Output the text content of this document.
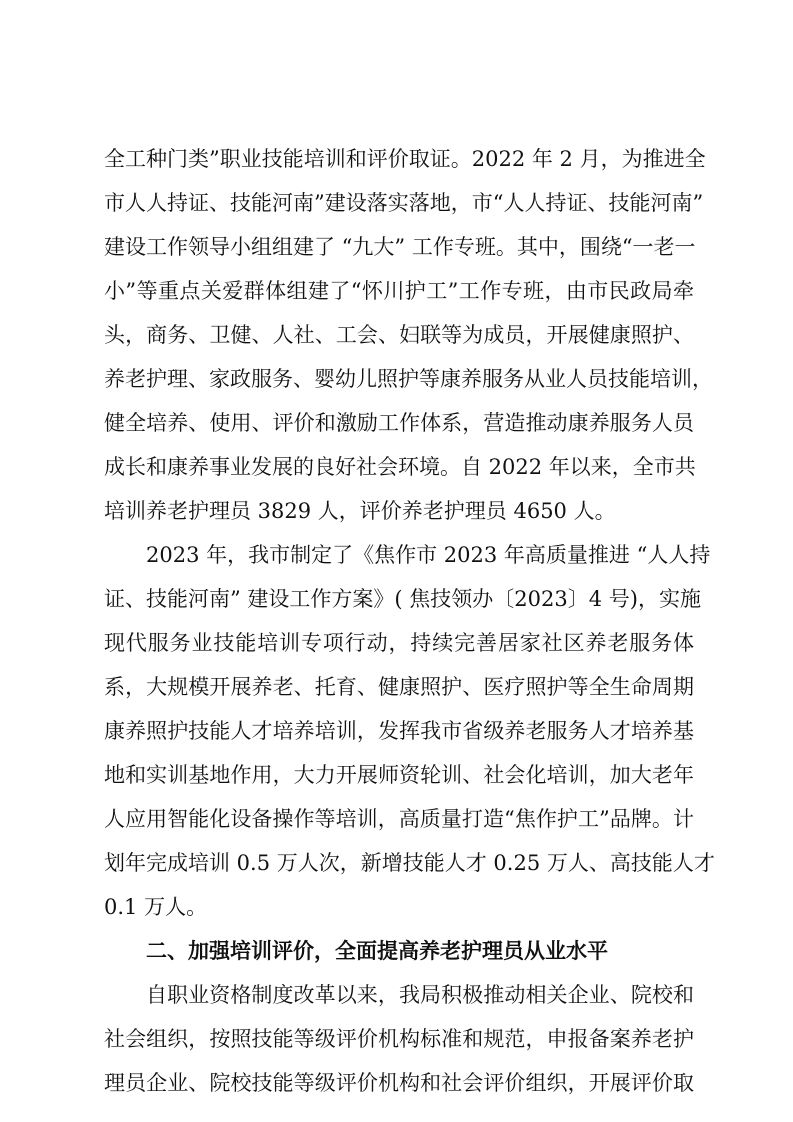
全工种门类”职业技能培训和评价取证。2022 年 2 月，为推进全
市人人持证、技能河南”建设落实落地，市“人人持证、技能河南”
建设工作领导小组组建了 “九大” 工作专班。其中，围绕“一老一
小”等重点关爱群体组建了“怀川护工”工作专班，由市民政局牵
头，商务、卫健、人社、工会、妇联等为成员，开展健康照护、
养老护理、家政服务、婴幼儿照护等康养服务从业人员技能培训，
健全培养、使用、评价和激励工作体系，营造推动康养服务人员
成长和康养事业发展的良好社会环境。自 2022 年以来，全市共
培训养老护理员 3829 人，评价养老护理员 4650 人。
2023 年，我市制定了《焦作市 2023 年高质量推进 “人人持
证、技能河南” 建设工作方案》( 焦技领办〔2023〕4 号)，实施
现代服务业技能培训专项行动，持续完善居家社区养老服务体
系，大规模开展养老、托育、健康照护、医疗照护等全生命周期
康养照护技能人才培养培训，发挥我市省级养老服务人才培养基
地和实训基地作用，大力开展师资轮训、社会化培训，加大老年
人应用智能化设备操作等培训，高质量打造“焦作护工”品牌。计
划年完成培训 0.5 万人次，新增技能人才 0.25 万人、高技能人才
0.1 万人。
二、加强培训评价，全面提高养老护理员从业水平
自职业资格制度改革以来，我局积极推动相关企业、院校和
社会组织，按照技能等级评价机构标准和规范，申报备案养老护
理员企业、院校技能等级评价机构和社会评价组织，开展评价取
